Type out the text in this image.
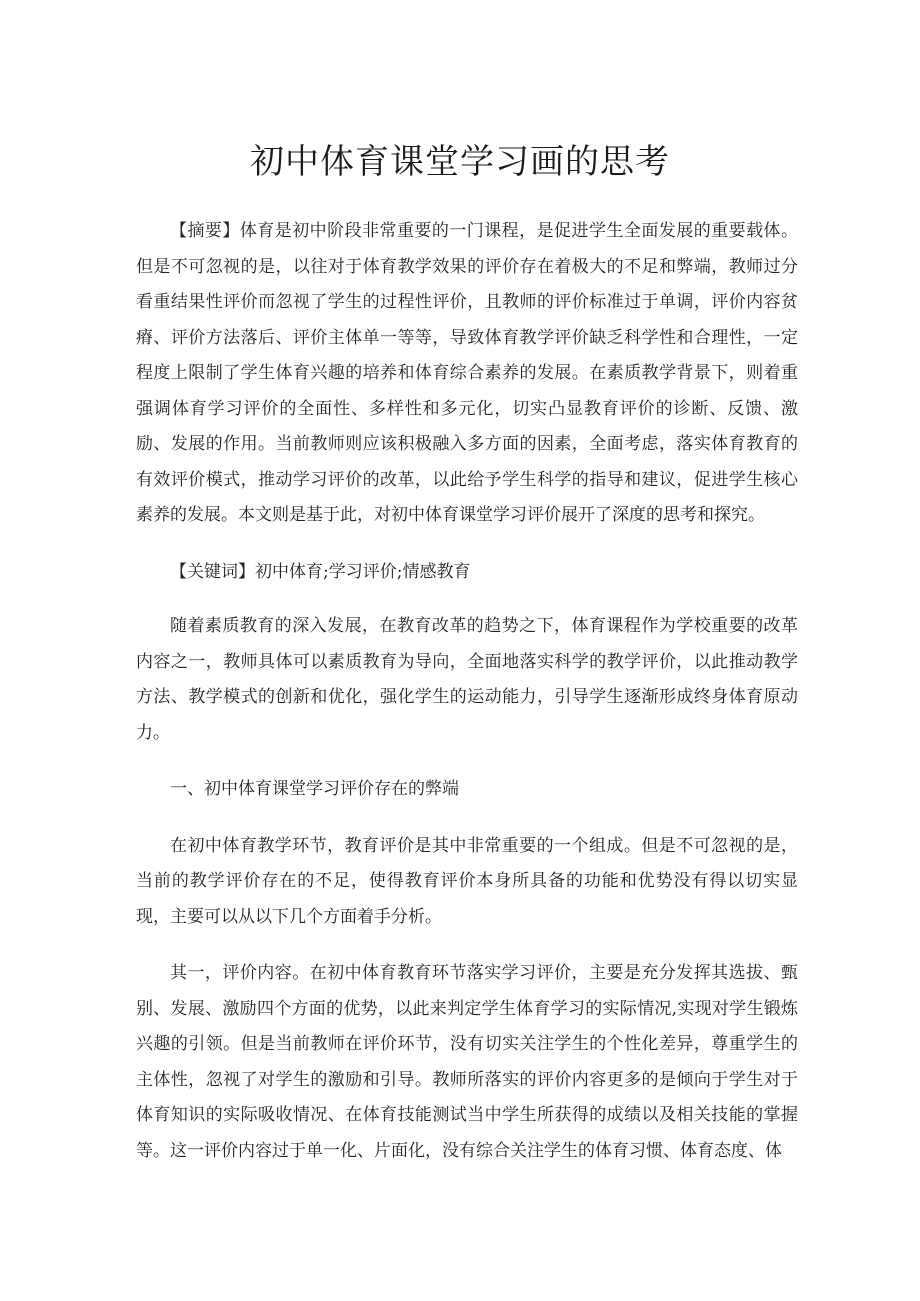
初中体育课堂学习画的思考

【摘要】体育是初中阶段非常重要的一门课程，是促进学生全面发展的重要载体。但是不可忽视的是，以往对于体育教学效果的评价存在着极大的不足和弊端，教师过分看重结果性评价而忽视了学生的过程性评价，且教师的评价标准过于单调，评价内容贫瘠、评价方法落后、评价主体单一等等，导致体育教学评价缺乏科学性和合理性，一定程度上限制了学生体育兴趣的培养和体育综合素养的发展。在素质教学背景下，则着重强调体育学习评价的全面性、多样性和多元化，切实凸显教育评价的诊断、反馈、激励、发展的作用。当前教师则应该积极融入多方面的因素，全面考虑，落实体育教育的有效评价模式，推动学习评价的改革，以此给予学生科学的指导和建议，促进学生核心素养的发展。本文则是基于此，对初中体育课堂学习评价展开了深度的思考和探究。

【关键词】初中体育;学习评价;情感教育

随着素质教育的深入发展，在教育改革的趋势之下，体育课程作为学校重要的改革内容之一，教师具体可以素质教育为导向，全面地落实科学的教学评价，以此推动教学方法、教学模式的创新和优化，强化学生的运动能力，引导学生逐渐形成终身体育原动力。

一、初中体育课堂学习评价存在的弊端

在初中体育教学环节，教育评价是其中非常重要的一个组成。但是不可忽视的是，当前的教学评价存在的不足，使得教育评价本身所具备的功能和优势没有得以切实显现，主要可以从以下几个方面着手分析。

其一，评价内容。在初中体育教育环节落实学习评价，主要是充分发挥其选拔、甄别、发展、激励四个方面的优势，以此来判定学生体育学习的实际情况,实现对学生锻炼兴趣的引领。但是当前教师在评价环节，没有切实关注学生的个性化差异，尊重学生的主体性，忽视了对学生的激励和引导。教师所落实的评价内容更多的是倾向于学生对于体育知识的实际吸收情况、在体育技能测试当中学生所获得的成绩以及相关技能的掌握等。这一评价内容过于单一化、片面化，没有综合关注学生的体育习惯、体育态度、体
